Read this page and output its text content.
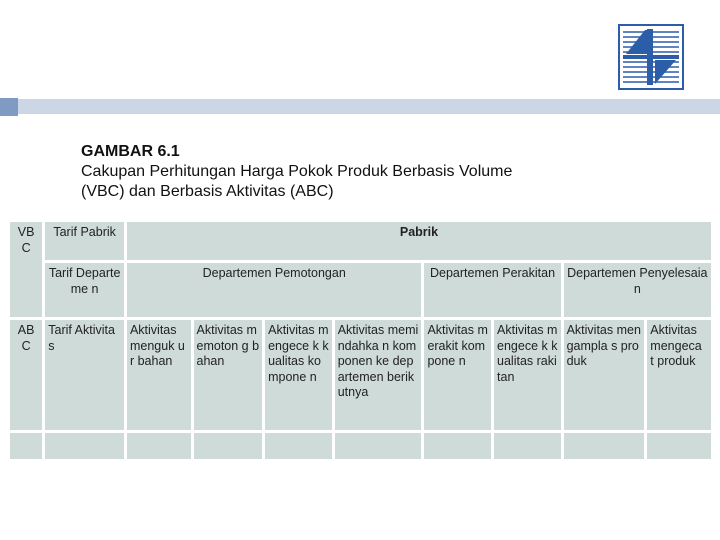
GAMBAR 6.1
Cakupan Perhitungan Harga Pokok Produk Berbasis Volume
(VBC) dan Berbasis Aktivitas (ABC)
VB C	Tarif Pabrik	Pabrik							
	Tarif Departeme n	Departemen Pemotongan				Departemen Perakitan		Departemen Penyelesaian	
AB C	Tarif Aktivitas	Aktivitas menguk ur bahan	Aktivitas memoton g bahan	Aktivitas mengece k kualitas kompone n	Aktivitas memindahka n komponen ke departemen berikutnya	Aktivitas merakit kompone n	Aktivitas mengece k kualitas rakitan	Aktivitas mengampla s produk	Aktivitas mengeca t produk
